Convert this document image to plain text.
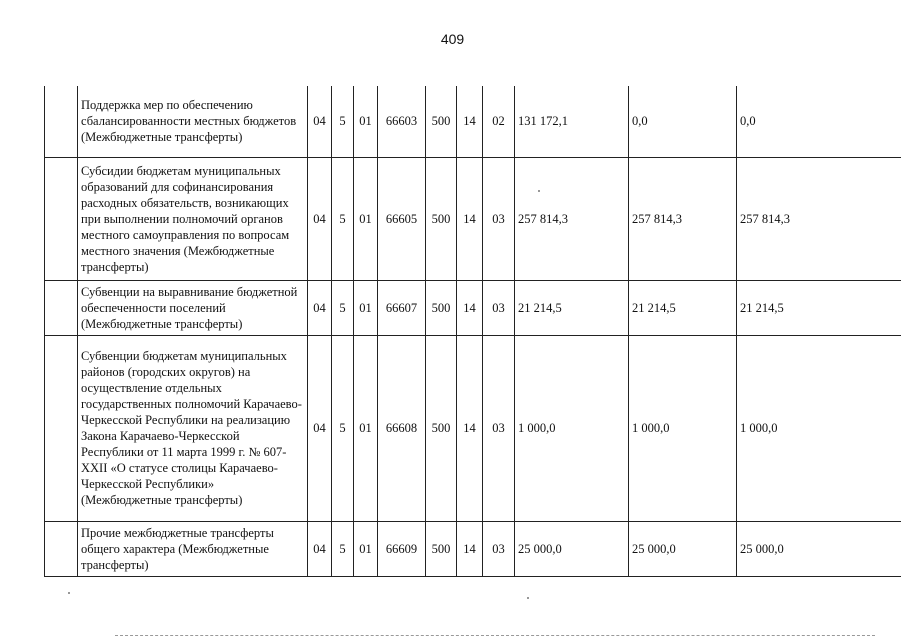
409
	Поддержка мер по обеспечению сбалансированности местных бюджетов (Межбюджетные трансферты)	04	5	01	66603	500	14	02	131 172,1	0,0	0,0
	Субсидии бюджетам муниципальных образований для софинансирования расходных обязательств, возникающих при выполнении полномочий органов местного самоуправления по вопросам местного значения (Межбюджетные трансферты)	04	5	01	66605	500	14	03	257 814,3	257 814,3	257 814,3
	Субвенции на выравнивание бюджетной обеспеченности поселений (Межбюджетные трансферты)	04	5	01	66607	500	14	03	21 214,5	21 214,5	21 214,5
	Субвенции бюджетам муниципальных районов (городских округов) на осуществление отдельных государственных полномочий Карачаево-Черкесской Республики на реализацию Закона Карачаево-Черкесской Республики от 11 марта 1999 г. № 607-XXII «О статусе столицы Карачаево-Черкесской Республики» (Межбюджетные трансферты)	04	5	01	66608	500	14	03	1 000,0	1 000,0	1 000,0
	Прочие межбюджетные трансферты общего характера (Межбюджетные трансферты)	04	5	01	66609	500	14	03	25 000,0	25 000,0	25 000,0
